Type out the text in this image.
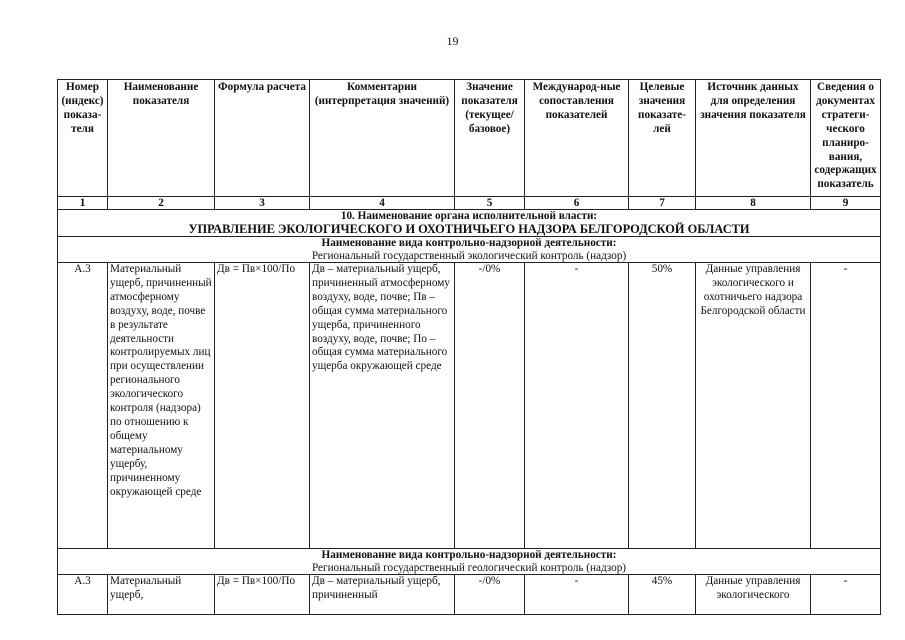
19
Номер (индекс) показа-теля	Наименование показателя	Формула расчета	Комментарии (интерпретация значений)	Значение показателя (текущее/ базовое)	Международ-ные сопоставления показателей	Целевые значения показате-лей	Источник данных для определения значения показателя	Сведения о документах стратеги-ческого планиро-вания, содержащих показатель
1	2	3	4	5	6	7	8	9

10. Наименование органа исполнительной власти:
УПРАВЛЕНИЕ ЭКОЛОГИЧЕСКОГО И ОХОТНИЧЬЕГО НАДЗОРА БЕЛГОРОДСКОЙ ОБЛАСТИ								

Наименование вида контрольно-надзорной деятельности:
Региональный государственный экологический контроль (надзор)								

А.3	Материальный ущерб, причиненный атмосферному воздуху, воде, почве в результате деятельности контролируемых лиц при осуществлении регионального экологического контроля (надзора) по отношению к общему материальному ущербу, причиненному окружающей среде	Дв = Пв×100/По	Дв – материальный ущерб, причиненный атмосферному воздуху, воде, почве; Пв – общая сумма материального ущерба, причиненного воздуху, воде, почве; По – общая сумма материального ущерба окружающей среде	-/0%	-	50%	Данные управления экологического и охотничьего надзора Белгородской области	-

Наименование вида контрольно-надзорной деятельности:
Региональный государственный геологический контроль (надзор)								

А.3	Материальный ущерб,	Дв = Пв×100/По	Дв – материальный ущерб, причиненный	-/0%	-	45%	Данные управления экологического	-
